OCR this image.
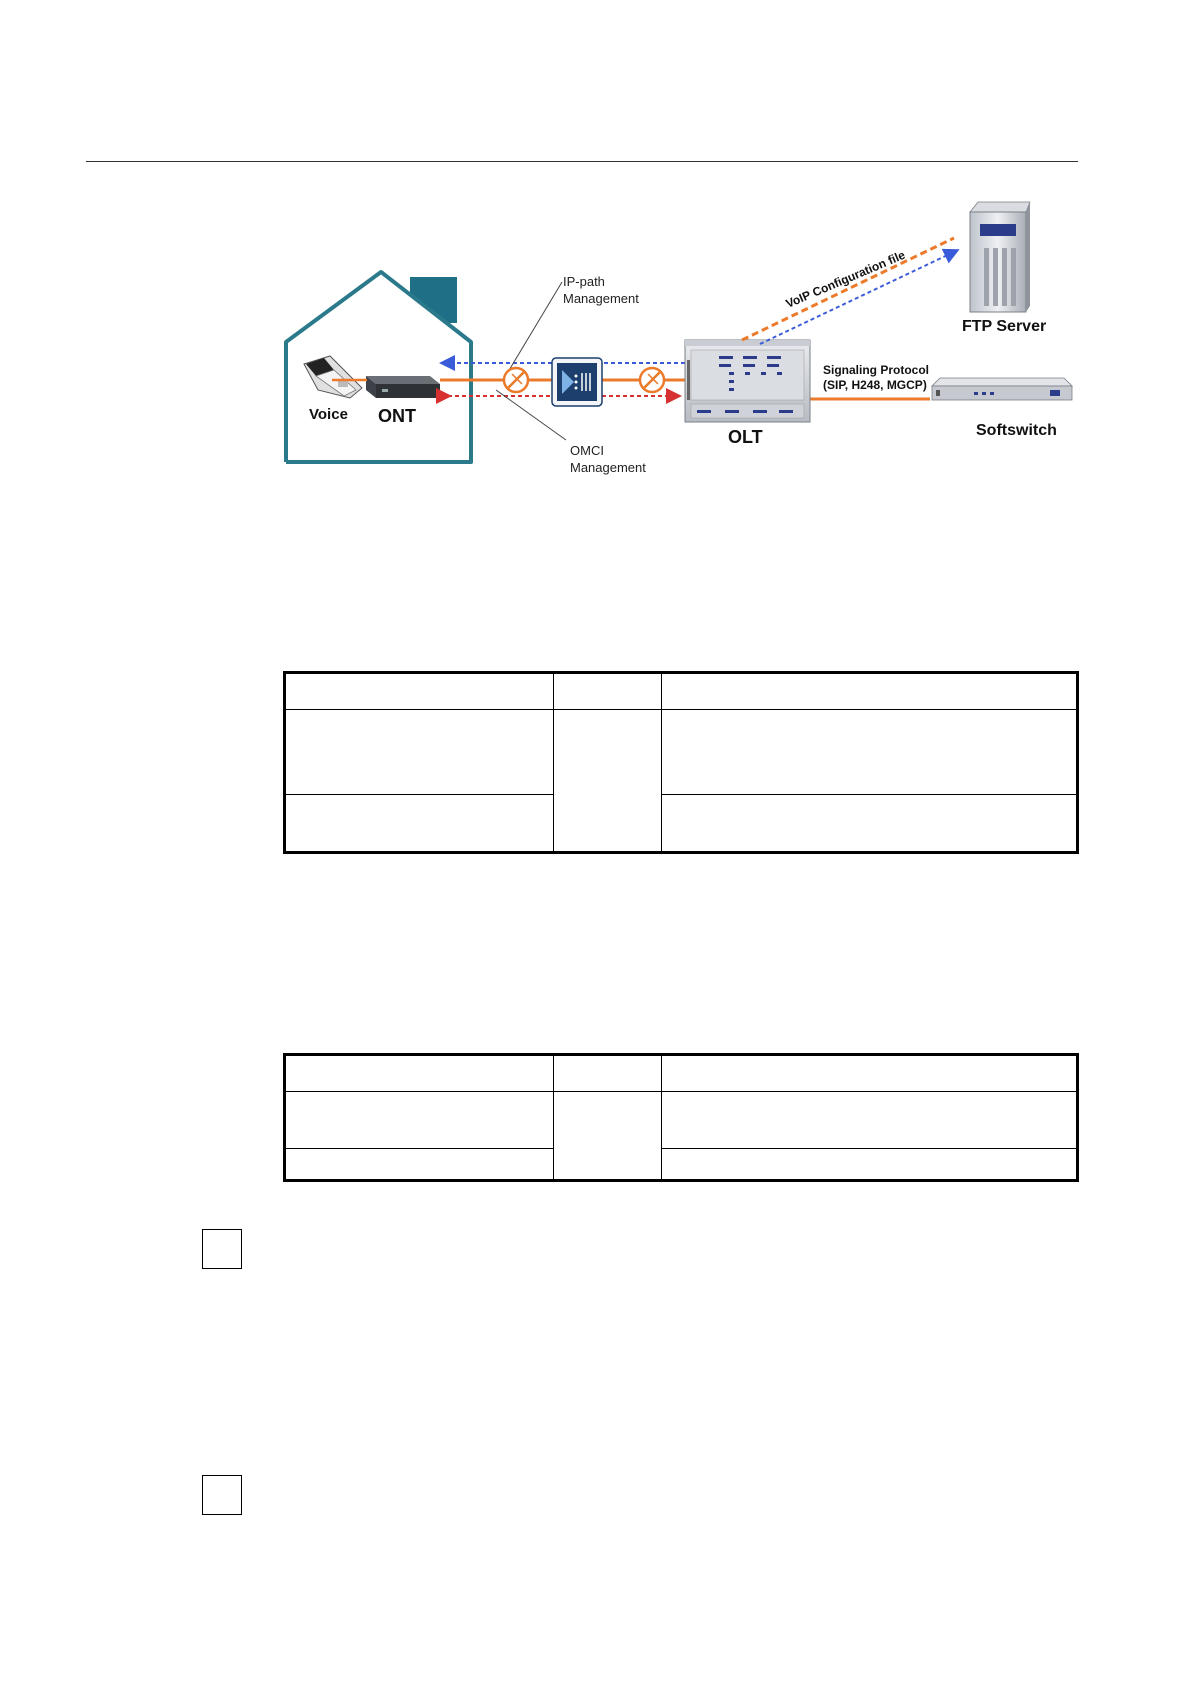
Voice ONT
IP-path
Management
OMCI
Management
OLT
VoIP Configuration file
FTP Server
Signaling Protocol
(SIP, H248, MGCP)
Softswitch
